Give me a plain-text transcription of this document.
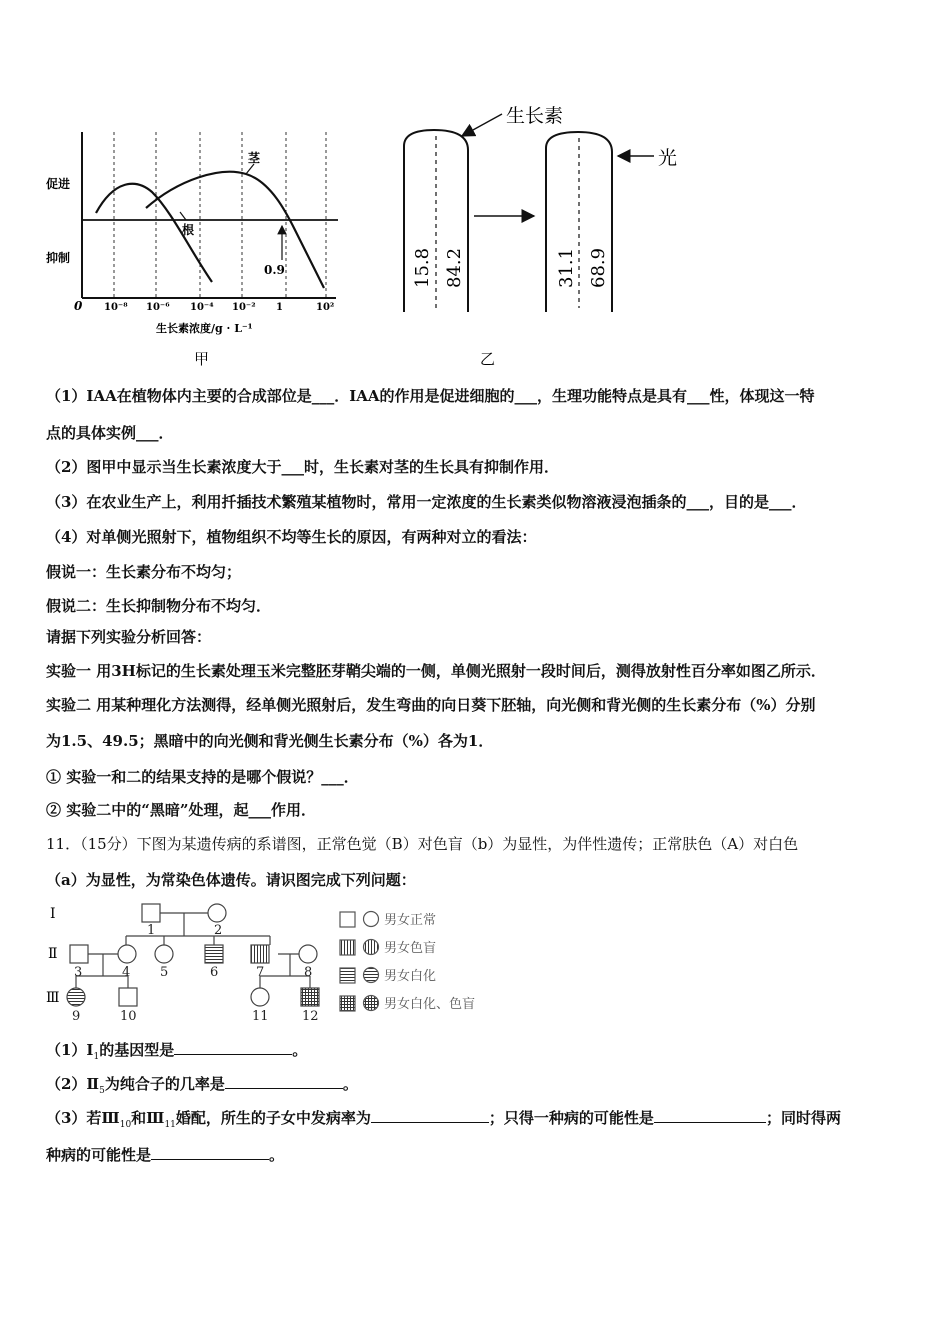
促进
抑制
茎
根
0.9
0 10⁻⁸ 10⁻⁶ 10⁻⁴ 10⁻² 1	10²
生长素浓度/g · L⁻¹
甲
生长素
光
15.8 84.2	31.1 68.9
乙
（1）IAA在植物体内主要的合成部位是___．IAA的作用是促进细胞的___，生理功能特点是具有___性，体现这一特
点的具体实例___．
（2）图甲中显示当生长素浓度大于___时，生长素对茎的生长具有抑制作用．
（3）在农业生产上，利用扦插技术繁殖某植物时，常用一定浓度的生长素类似物溶液浸泡插条的___，目的是___．
（4）对单侧光照射下，植物组织不均等生长的原因，有两种对立的看法：
假说一：生长素分布不均匀；
假说二：生长抑制物分布不均匀．
请据下列实验分析回答：
实验一 用3H标记的生长素处理玉米完整胚芽鞘尖端的一侧，单侧光照射一段时间后，测得放射性百分率如图乙所示．
实验二 用某种理化方法测得，经单侧光照射后，发生弯曲的向日葵下胚轴，向光侧和背光侧的生长素分布（%）分别
为1.5、49.5；黑暗中的向光侧和背光侧生长素分布（%）各为1．
① 实验一和二的结果支持的是哪个假说？___．
② 实验二中的“黑暗”处理，起___作用．
11．（15分）下图为某遗传病的系谱图，正常色觉（B）对色盲（b）为显性，为伴性遗传；正常肤色（A）对白色
（a）为显性，为常染色体遗传。请识图完成下列问题：
Ⅰ
Ⅱ
Ⅲ
1	2
3	4 5	6	7	8
9	10	11	12
男女正常
男女色盲
男女白化
男女白化、色盲
$(1)Ⅰ_1$的基因型是	。
$(2)Ⅱ_5$为纯合子的几率是	。
（3）若$Ⅲ_{10}$和$Ⅲ_{11}$婚配，所生的子女中发病率为	；只得一种病的可能性是	；同时得两
种病的可能性是	。
